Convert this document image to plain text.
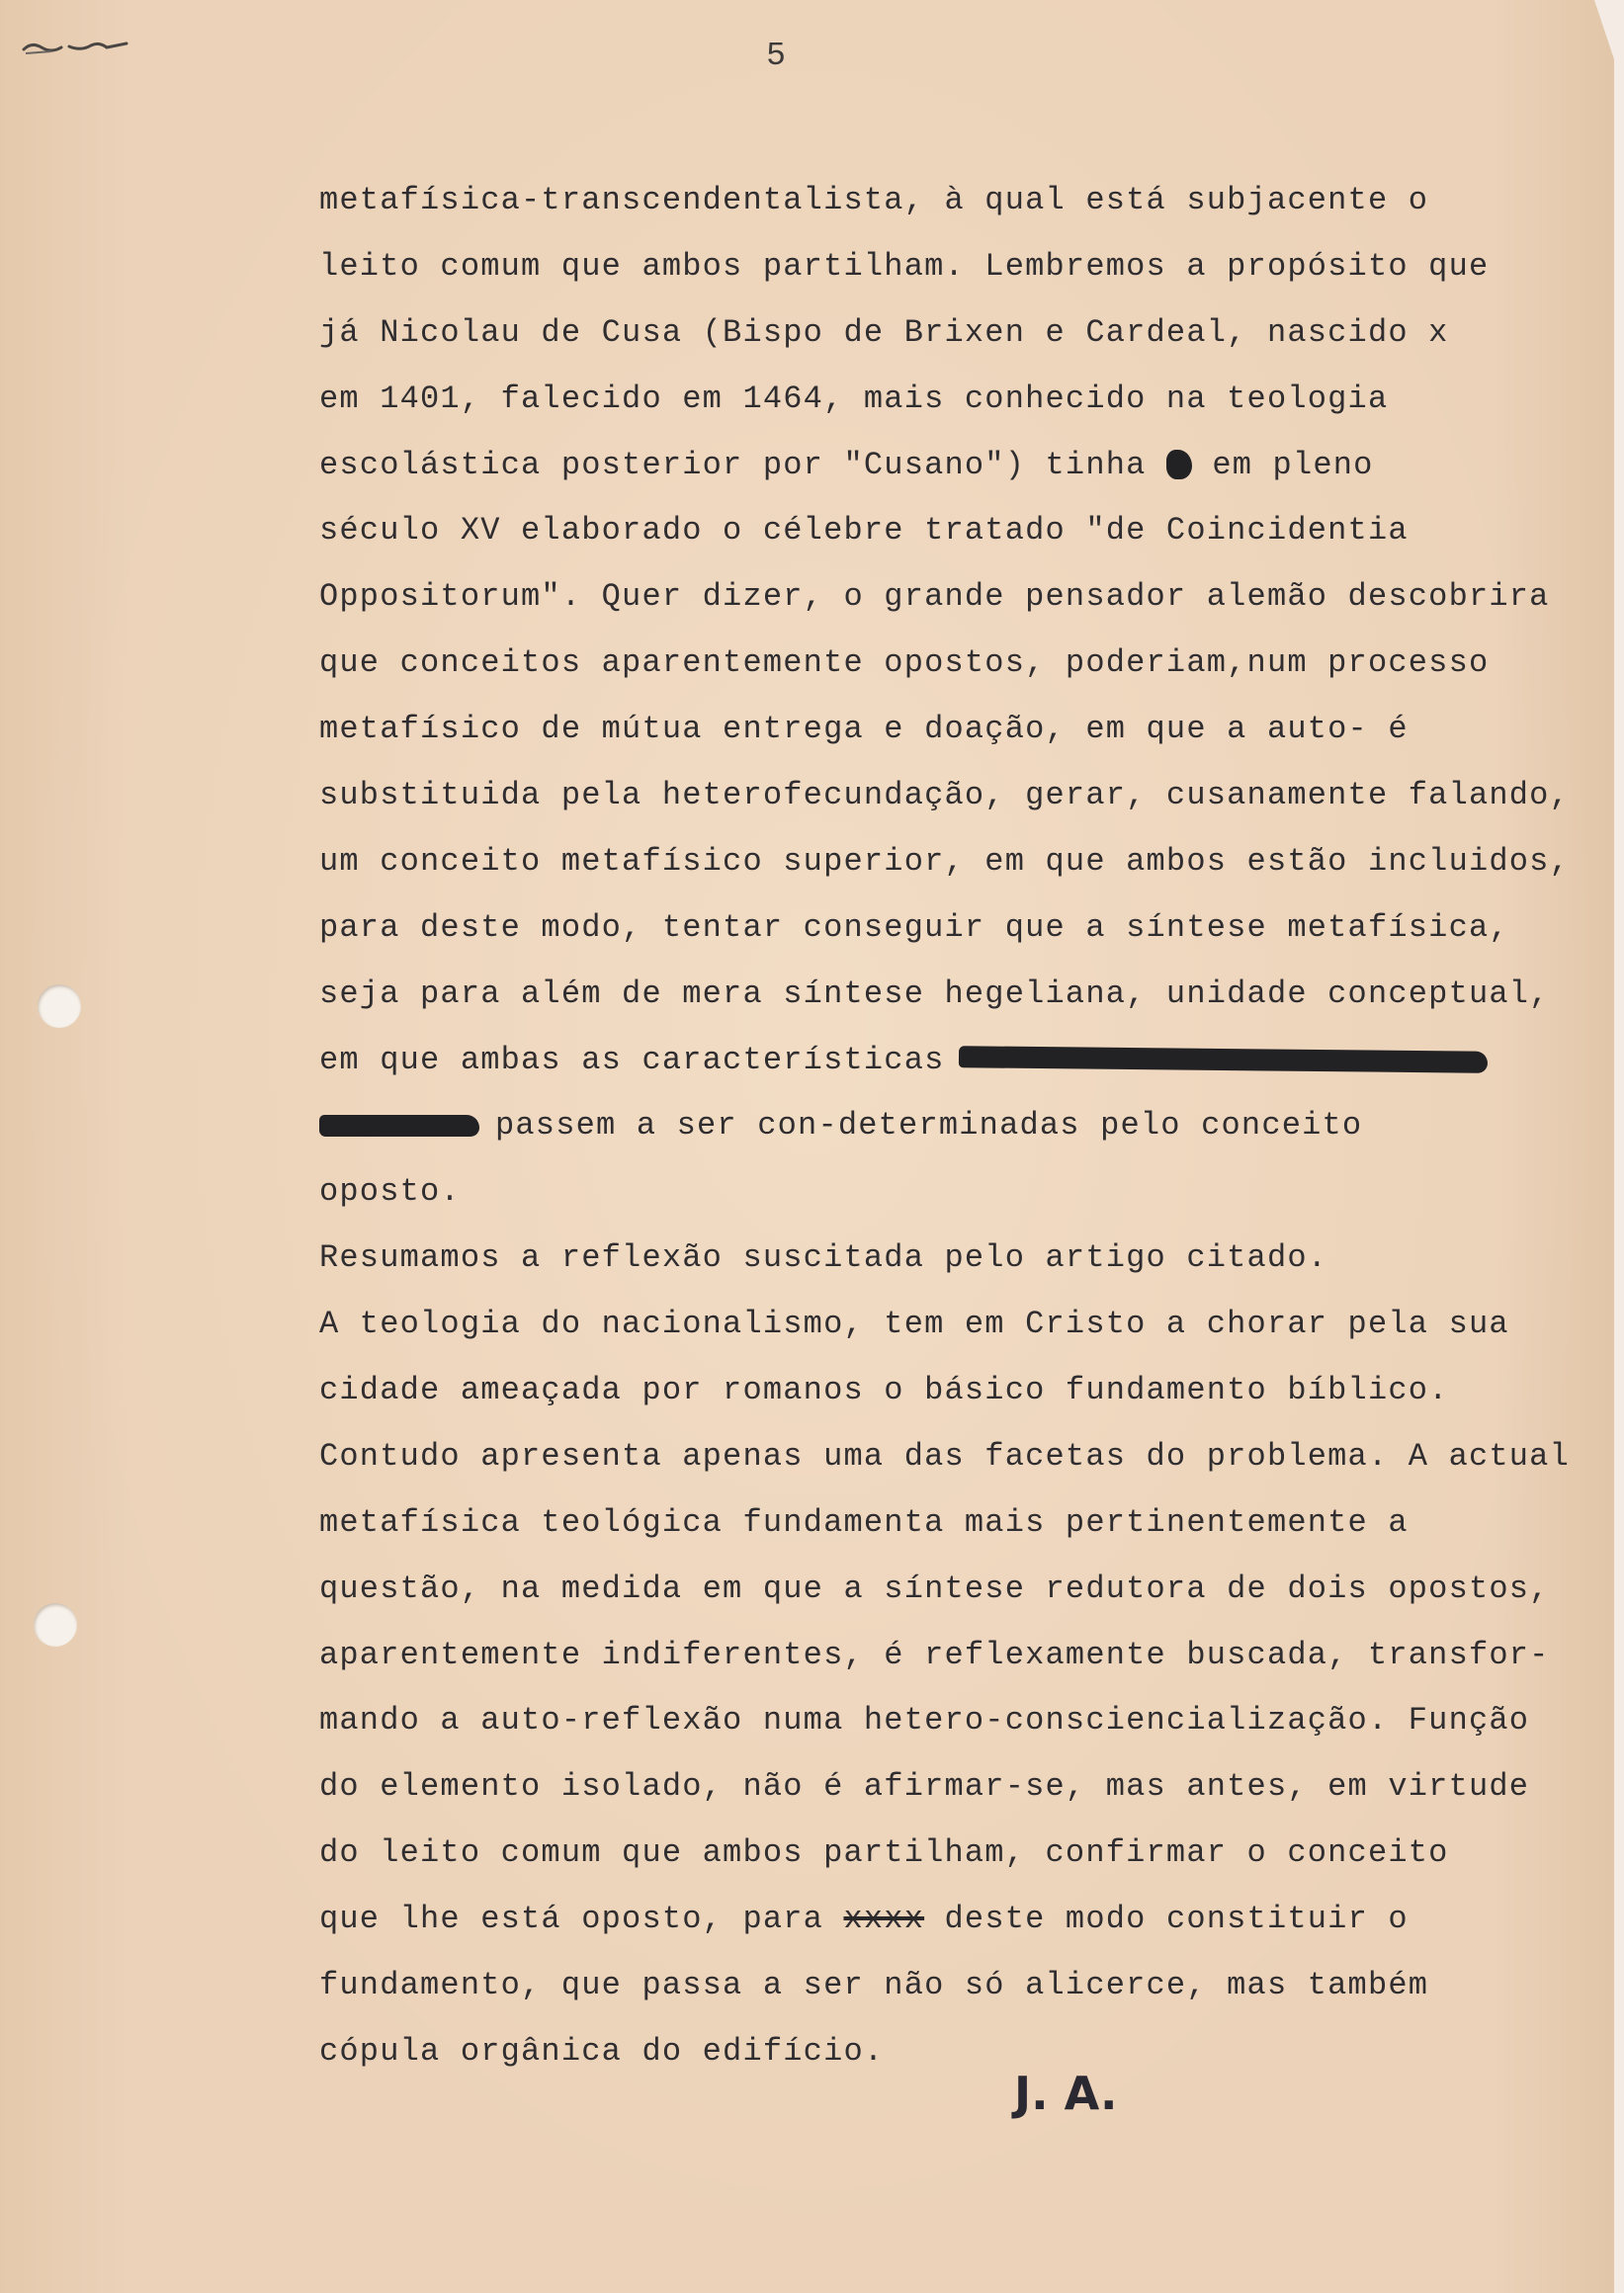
5
metafísica-transcendentalista, à qual está subjacente o
leito comum que ambos partilham. Lembremos a propósito que
já Nicolau de Cusa (Bispo de Brixen e Cardeal, nascido x
em 1401, falecido em 1464, mais conhecido na teologia
escolástica posterior por "Cusano") tinha em pleno
século XV elaborado o célebre tratado "de Coincidentia
Oppositorum". Quer dizer, o grande pensador alemão descobrira
que conceitos aparentemente opostos, poderiam,num processo
metafísico de mútua entrega e doação, em que a auto- é
substituida pela heterofecundação, gerar, cusanamente falando,
um conceito metafísico superior, em que ambos estão incluidos,
para deste modo, tentar conseguir que a síntese metafísica,
seja para além de mera síntese hegeliana, unidade conceptual,
em que ambas as características
passem a ser con-determinadas pelo conceito
oposto.
Resumamos a reflexão suscitada pelo artigo citado.
A teologia do nacionalismo, tem em Cristo a chorar pela sua
cidade ameaçada por romanos o básico fundamento bíblico.
Contudo apresenta apenas uma das facetas do problema. A actual
metafísica teológica fundamenta mais pertinentemente a
questão, na medida em que a síntese redutora de dois opostos,
aparentemente indiferentes, é reflexamente buscada, transfor-
mando a auto-reflexão numa hetero-consciencialização. Função
do elemento isolado, não é afirmar-se, mas antes, em virtude
do leito comum que ambos partilham, confirmar o conceito
que lhe está oposto, para xxxx deste modo constituir o
fundamento, que passa a ser não só alicerce, mas também
cópula orgânica do edifício.
J. A.
